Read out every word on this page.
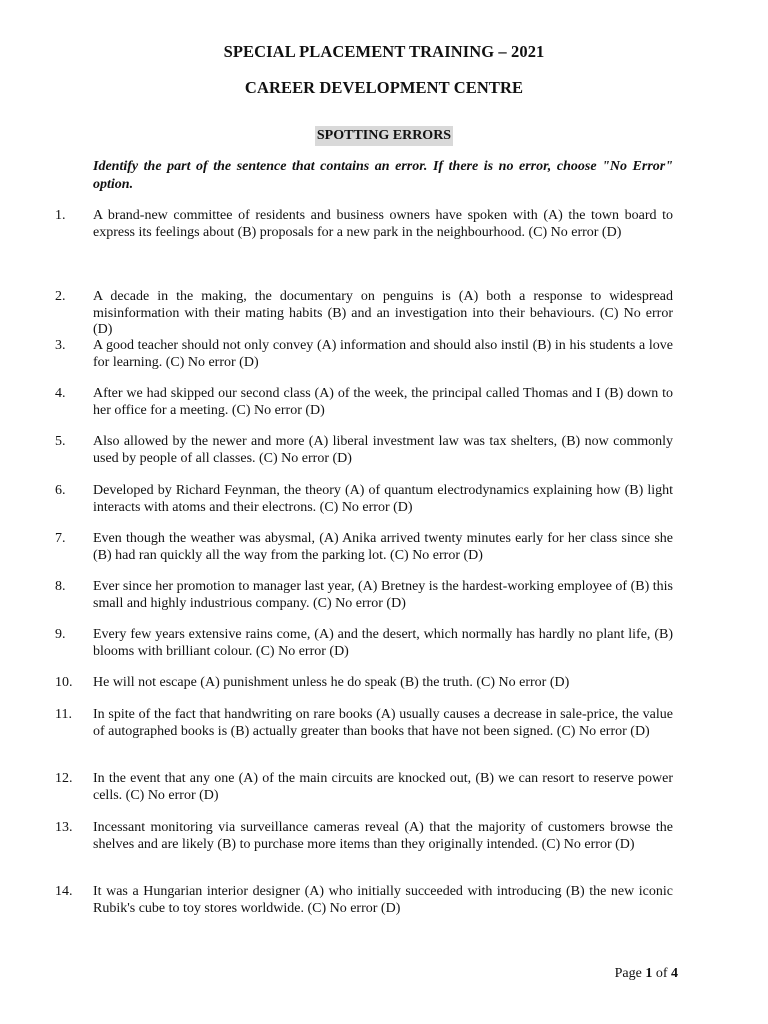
SPECIAL PLACEMENT TRAINING – 2021
CAREER DEVELOPMENT CENTRE
SPOTTING ERRORS

Identify the part of the sentence that contains an error. If there is no error, choose "No Error" option.

1. A brand-new committee of residents and business owners have spoken with (A) the town board to express its feelings about (B) proposals for a new park in the neighbourhood. (C) No error (D)

2. A decade in the making, the documentary on penguins is (A) both a response to widespread misinformation with their mating habits (B) and an investigation into their behaviours. (C) No error (D)

3. A good teacher should not only convey (A) information and should also instil (B) in his students a love for learning. (C) No error (D)

4. After we had skipped our second class (A) of the week, the principal called Thomas and I (B) down to her office for a meeting. (C) No error (D)

5. Also allowed by the newer and more (A) liberal investment law was tax shelters, (B) now commonly used by people of all classes. (C) No error (D)

6. Developed by Richard Feynman, the theory (A) of quantum electrodynamics explaining how (B) light interacts with atoms and their electrons. (C) No error (D)

7. Even though the weather was abysmal, (A) Anika arrived twenty minutes early for her class since she (B) had ran quickly all the way from the parking lot. (C) No error (D)

8. Ever since her promotion to manager last year, (A) Bretney is the hardest-working employee of (B) this small and highly industrious company. (C) No error (D)

9. Every few years extensive rains come, (A) and the desert, which normally has hardly no plant life, (B) blooms with brilliant colour. (C) No error (D)

10. He will not escape (A) punishment unless he do speak (B) the truth. (C) No error (D)

11. In spite of the fact that handwriting on rare books (A) usually causes a decrease in sale-price, the value of autographed books is (B) actually greater than books that have not been signed. (C) No error (D)

12. In the event that any one (A) of the main circuits are knocked out, (B) we can resort to reserve power cells. (C) No error (D)

13. Incessant monitoring via surveillance cameras reveal (A) that the majority of customers browse the shelves and are likely (B) to purchase more items than they originally intended. (C) No error (D)

14. It was a Hungarian interior designer (A) who initially succeeded with introducing (B) the new iconic Rubik's cube to toy stores worldwide. (C) No error (D)

Page 1 of 4
